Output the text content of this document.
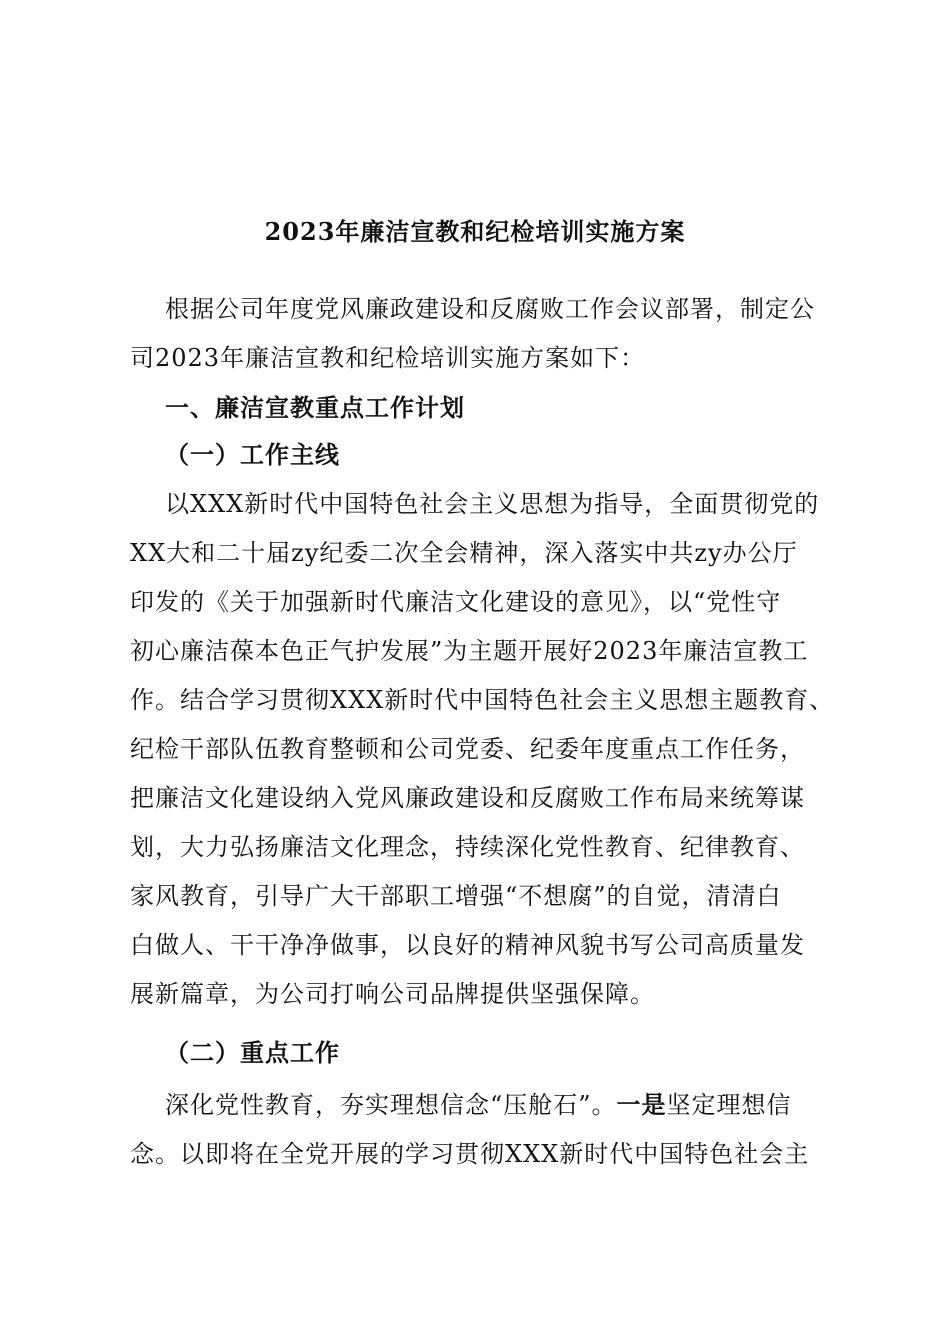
2023年廉洁宣教和纪检培训实施方案
根据公司年度党风廉政建设和反腐败工作会议部署，制定公
司2023年廉洁宣教和纪检培训实施方案如下：
一、廉洁宣教重点工作计划
（一）工作主线
以XXX新时代中国特色社会主义思想为指导，全面贯彻党的
XX大和二十届zy纪委二次全会精神，深入落实中共zy办公厅
印发的《关于加强新时代廉洁文化建设的意见》，以“党性守
初心廉洁葆本色正气护发展”为主题开展好2023年廉洁宣教工
作。结合学习贯彻XXX新时代中国特色社会主义思想主题教育、
纪检干部队伍教育整顿和公司党委、纪委年度重点工作任务，
把廉洁文化建设纳入党风廉政建设和反腐败工作布局来统筹谋
划，大力弘扬廉洁文化理念，持续深化党性教育、纪律教育、
家风教育，引导广大干部职工增强“不想腐”的自觉，清清白
白做人、干干净净做事，以良好的精神风貌书写公司高质量发
展新篇章，为公司打响公司品牌提供坚强保障。
（二）重点工作
深化党性教育，夯实理想信念“压舱石”。一是坚定理想信
念。以即将在全党开展的学习贯彻XXX新时代中国特色社会主
